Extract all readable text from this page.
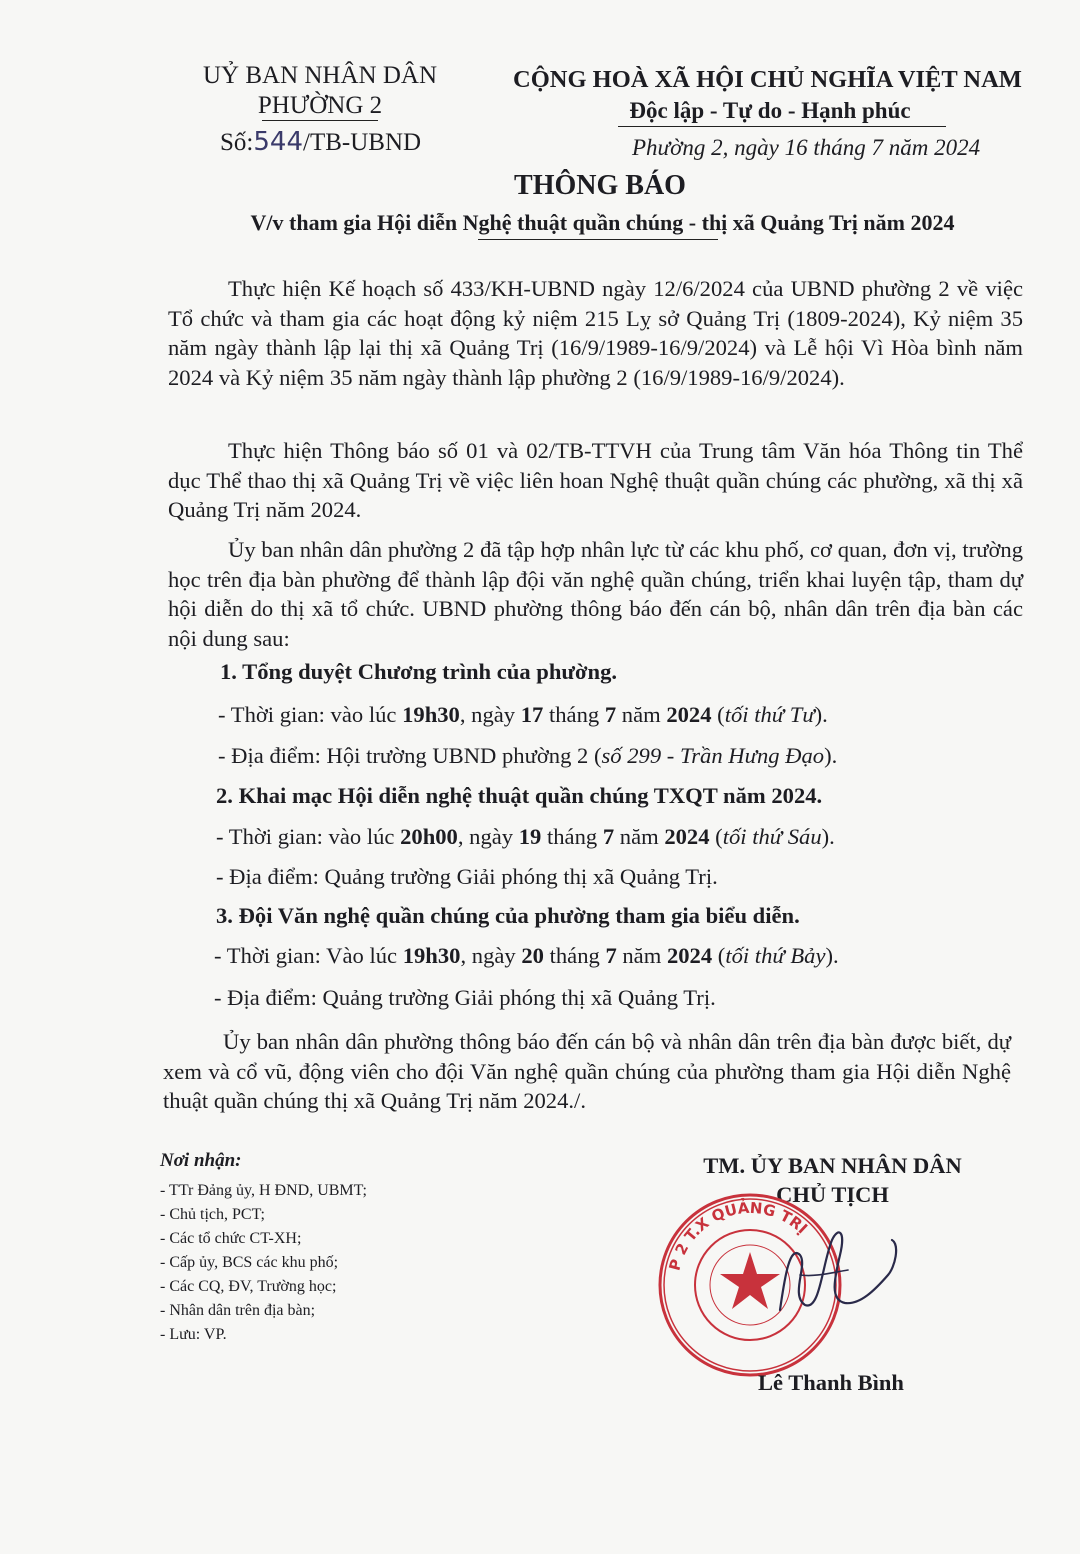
UỶ BAN NHÂN DÂN
PHƯỜNG 2
Số:544/TB-UBND
CỘNG HOÀ XÃ HỘI CHỦ NGHĨA VIỆT NAM
Độc lập - Tự do - Hạnh phúc
Phường 2, ngày 16 tháng 7 năm 2024
THÔNG BÁO
V/v tham gia Hội diễn Nghệ thuật quần chúng - thị xã Quảng Trị năm 2024
Thực hiện Kế hoạch số 433/KH-UBND ngày 12/6/2024 của UBND phường 2 về việc Tổ chức và tham gia các hoạt động kỷ niệm 215 Lỵ sở Quảng Trị (1809-2024), Kỷ niệm 35 năm ngày thành lập lại thị xã Quảng Trị (16/9/1989-16/9/2024) và Lễ hội Vì Hòa bình năm 2024 và Kỷ niệm 35 năm ngày thành lập phường 2 (16/9/1989-16/9/2024).
Thực hiện Thông báo số 01 và 02/TB-TTVH của Trung tâm Văn hóa Thông tin Thể dục Thể thao thị xã Quảng Trị về việc liên hoan Nghệ thuật quần chúng các phường, xã thị xã Quảng Trị năm 2024.
Ủy ban nhân dân phường 2 đã tập hợp nhân lực từ các khu phố, cơ quan, đơn vị, trường học trên địa bàn phường để thành lập đội văn nghệ quần chúng, triển khai luyện tập, tham dự hội diễn do thị xã tổ chức. UBND phường thông báo đến cán bộ, nhân dân trên địa bàn các nội dung sau:
1. Tổng duyệt Chương trình của phường.
- Thời gian: vào lúc 19h30, ngày 17 tháng 7 năm 2024 (tối thứ Tư).
- Địa điểm: Hội trường UBND phường 2 (số 299 - Trần Hưng Đạo).
2. Khai mạc Hội diễn nghệ thuật quần chúng TXQT năm 2024.
- Thời gian: vào lúc 20h00, ngày 19 tháng 7 năm 2024 (tối thứ Sáu).
- Địa điểm: Quảng trường Giải phóng thị xã Quảng Trị.
3. Đội Văn nghệ quần chúng của phường tham gia biểu diễn.
- Thời gian: Vào lúc 19h30, ngày 20 tháng 7 năm 2024 (tối thứ Bảy).
- Địa điểm: Quảng trường Giải phóng thị xã Quảng Trị.
Ủy ban nhân dân phường thông báo đến cán bộ và nhân dân trên địa bàn được biết, dự xem và cổ vũ, động viên cho đội Văn nghệ quần chúng của phường tham gia Hội diễn Nghệ thuật quần chúng thị xã Quảng Trị năm 2024./.
Nơi nhận:
- TTr Đảng ủy, H ĐND, UBMT;
- Chủ tịch, PCT;
- Các tổ chức CT-XH;
- Cấp ủy, BCS các khu phố;
- Các CQ, ĐV, Trường học;
- Nhân dân trên địa bàn;
- Lưu: VP.
TM. ỦY BAN NHÂN DÂN
CHỦ TỊCH
P 2 T.X QUẢNG TRỊ
Lê Thanh Bình
